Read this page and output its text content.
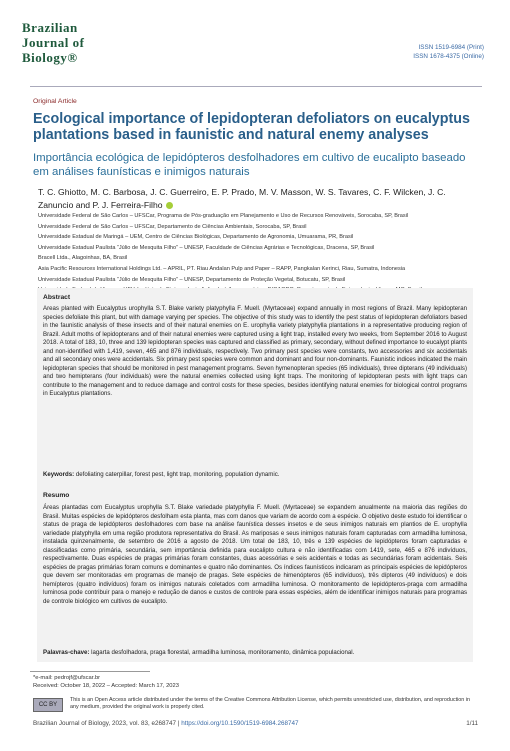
Brazilian
Journal of
Biology®
ISSN 1519-6984 (Print)
ISSN 1678-4375 (Online)
Original Article
Ecological importance of lepidopteran defoliators on eucalyptus plantations based in faunistic and natural enemy analyses
Importância ecológica de lepidópteros desfolhadores em cultivo de eucalipto baseado em análises faunísticas e inimigos naturais
T. C. Ghiotto, M. C. Barbosa, J. C. Guerreiro, E. P. Prado, M. V. Masson, W. S. Tavares, C. F. Wilcken, J. C. Zanuncio and P. J. Ferreira-Filho

Universidade Federal de São Carlos – UFSCar, Programa de Pós-graduação em Planejamento e Uso de Recursos Renováveis, Sorocaba, SP, Brasil

Universidade Federal de São Carlos – UFSCar, Departamento de Ciências Ambientais, Sorocaba, SP, Brasil

Universidade Estadual de Maringá – UEM, Centro de Ciências Biológicas, Departamento de Agronomia, Umuarama, PR, Brasil

Universidade Estadual Paulista “Júlio de Mesquita Filho” – UNESP, Faculdade de Ciências Agrárias e Tecnológicas, Dracena, SP, Brasil

Bracell Ltda., Alagoinhas, BA, Brasil

Asia Pacific Resources International Holdings Ltd. – APRIL, PT. Riau Andalan Pulp and Paper – RAPP, Pangkalan Kerinci, Riau, Sumatra, Indonesia

Universidade Estadual Paulista “Júlio de Mesquita Filho” – UNESP, Departamento de Proteção Vegetal, Botucatu, SP, Brasil

Abstract
Areas planted with Eucalyptus urophylla S.T. Blake variety platyphylla F. Muell. (Myrtaceae) expand annually in most regions of Brazil. Many lepidopteran species defoliate this plant, but with damage varying per species. The objective of this study was to identify the pest status of lepidopteran defoliators based in the faunistic analysis of these insects and of their natural enemies on E. urophylla variety platyphylla plantations in a representative producing region of Brazil. Adult moths of lepidopterans and of their natural enemies were captured using a light trap, installed every two weeks, from September 2016 to August 2018. A total of 183, 10, three and 139 lepidopteran species was captured and classified as primary, secondary, without defined importance to eucalypt plants and non-identified with 1,419, seven, 465 and 876 individuals, respectively. Two primary pest species were constants, two accessories and six accidentals and all secondary ones were accidentals. Six primary pest species were common and dominant and four non-dominants. Faunistic indices indicated the main lepidopteran species that should be monitored in pest management programs. Seven hymenopteran species (65 individuals), three dipterans (49 individuals) and two hemipterans (four individuals) were the natural enemies collected using light traps. The monitoring of lepidopteran pests with light traps can contribute to the management and to reduce damage and control costs for these species, besides identifying natural enemies for biological control programs in Eucalyptus plantations.
Keywords: defoliating caterpillar, forest pest, light trap, monitoring, population dynamic.
Resumo
Áreas plantadas com Eucalyptus urophylla S.T. Blake variedade platyphylla F. Muell. (Myrtaceae) se expandem anualmente na maioria das regiões do Brasil. Muitas espécies de lepidópteros desfolham esta planta, mas com danos que variam de acordo com a espécie. O objetivo deste estudo foi identificar o status de praga de lepidópteros desfolhadores com base na análise faunística desses insetos e de seus inimigos naturais em plantios de E. urophylla variedade platyphylla em uma região produtora representativa do Brasil. As mariposas e seus inimigos naturais foram capturadas com armadilha luminosa, instalada quinzenalmente, de setembro de 2016 a agosto de 2018. Um total de 183, 10, três e 139 espécies de lepidópteros foram capturadas e classificadas como primária, secundária, sem importância definida para eucalipto cultura e não identificadas com 1419, sete, 465 e 876 indivíduos, respectivamente. Duas espécies de pragas primárias foram constantes, duas acessórias e seis acidentais e todas as secundárias foram acidentais. Seis espécies de pragas primárias foram comuns e dominantes e quatro não dominantes. Os índices faunísticos indicaram as principais espécies de lepidópteros que devem ser monitoradas em programas de manejo de pragas. Sete espécies de himenópteros (65 indivíduos), três dípteros (49 indivíduos) e dois hemípteros (quatro indivíduos) foram os inimigos naturais coletados com armadilha luminosa. O monitoramento de lepidópteros-praga com armadilha luminosa pode contribuir para o manejo e redução de danos e custos de controle para essas espécies, além de identificar inimigos naturais para programas de controle biológico em cultivos de eucalipto.
Palavras-chave: lagarta desfolhadora, praga florestal, armadilha luminosa, monitoramento, dinâmica populacional.
*e-mail: pedrojf@ufscar.br
Received: October 18, 2022 – Accepted: March 17, 2023
CC BY
This is an Open Access article distributed under the terms of the Creative Commons Attribution License, which permits unrestricted use, distribution, and reproduction in any medium, provided the original work is properly cited.
Brazilian Journal of Biology, 2023, vol. 83, e268747 | https://doi.org/10.1590/1519-6984.268747	1/11
